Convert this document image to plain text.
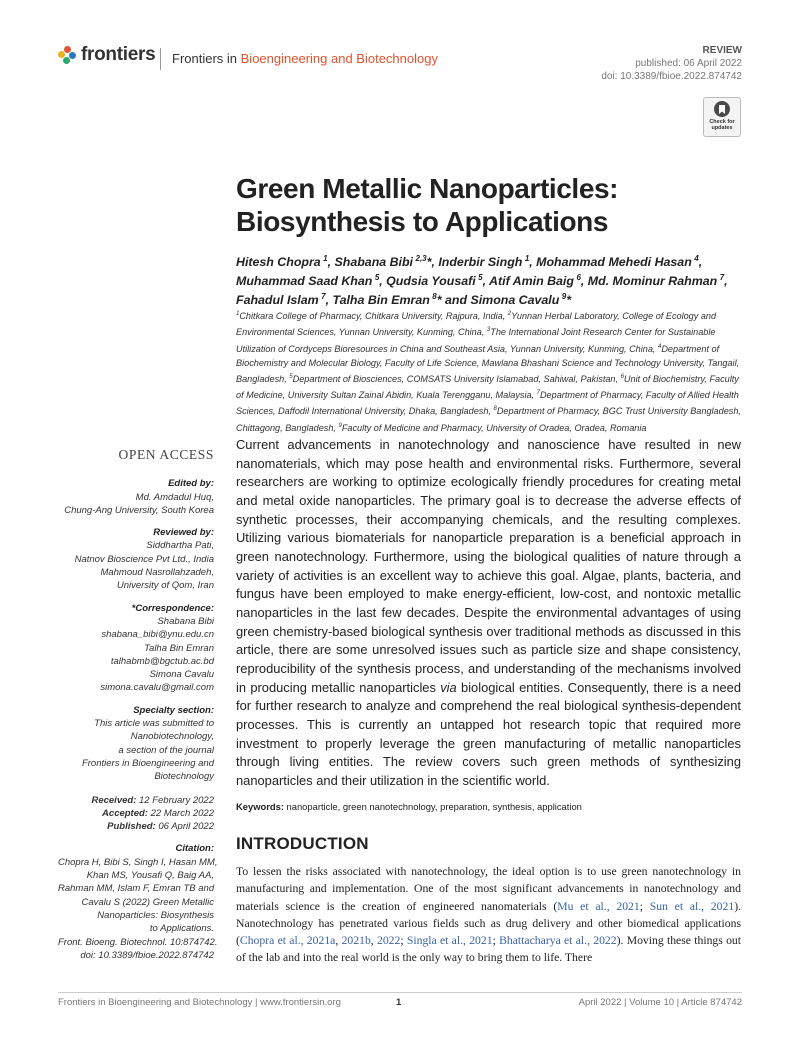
frontiers Frontiers in Bioengineering and Biotechnology
REVIEW
published: 06 April 2022
doi: 10.3389/fbioe.2022.874742
Check for
updates
Green Metallic Nanoparticles:
Biosynthesis to Applications
Hitesh Chopra  $^1$, Shabana Bibi  $^{2,3}$*, Inderbir Singh  $^1$, Mohammad Mehedi Hasan  $^4$, Muhammad Saad Khan  $^5$, Qudsia Yousafi  $^5$, Atif Amin Baig  $^6$, Md. Mominur Rahman  $^7$, Fahadul Islam  $^7$, Talha Bin Emran  $^8$* and Simona Cavalu  $^9$*
$^1$Chitkara College of Pharmacy, Chitkara University, Rajpura, India, $^2$Yunnan Herbal Laboratory, College of Ecology and Environmental Sciences, Yunnan University, Kunming, China, $^3$The International Joint Research Center for Sustainable Utilization of Cordyceps Bioresources in China and Southeast Asia, Yunnan University, Kunming, China, $^4$Department of Biochemistry and Molecular Biology, Faculty of Life Science, Mawlana Bhashani Science and Technology University, Tangail, Bangladesh, $^5$Department of Biosciences, COMSATS University Islamabad, Sahiwal, Pakistan, $^6$Unit of Biochemistry, Faculty of Medicine, University Sultan Zainal Abidin, Kuala Terengganu, Malaysia, $^7$Department of Pharmacy, Faculty of Allied Health Sciences, Daffodil International University, Dhaka, Bangladesh, $^8$Department of Pharmacy, BGC Trust University Bangladesh, Chittagong, Bangladesh, $^9$Faculty of Medicine and Pharmacy, University of Oradea, Oradea, Romania
OPEN ACCESS
Edited by:
Md. Amdadul Huq,
Chung-Ang University, South Korea
Reviewed by:
Siddhartha Pati,
Natnov Bioscience Pvt Ltd., India
Mahmoud Nasrollahzadeh,
University of Qom, Iran
*Correspondence:
Shabana Bibi
shabana_bibi@ynu.edu.cn
Talha Bin Emran
talhabmb@bgctub.ac.bd
Simona Cavalu
simona.cavalu@gmail.com
Specialty section:
This article was submitted to
Nanobiotechnology,
a section of the journal
Frontiers in Bioengineering and
Biotechnology
Received: 12 February 2022
Accepted: 22 March 2022
Published: 06 April 2022
Citation:
Chopra H, Bibi S, Singh I, Hasan MM,
Khan MS, Yousafi Q, Baig AA,
Rahman MM, Islam F, Emran TB and
Cavalu S (2022) Green Metallic
Nanoparticles: Biosynthesis
to Applications.
Front. Bioeng. Biotechnol. 10:874742.
doi: 10.3389/fbioe.2022.874742
Current advancements in nanotechnology and nanoscience have resulted in new nanomaterials, which may pose health and environmental risks. Furthermore, several researchers are working to optimize ecologically friendly procedures for creating metal and metal oxide nanoparticles. The primary goal is to decrease the adverse effects of synthetic processes, their accompanying chemicals, and the resulting complexes. Utilizing various biomaterials for nanoparticle preparation is a beneficial approach in green nanotechnology. Furthermore, using the biological qualities of nature through a variety of activities is an excellent way to achieve this goal. Algae, plants, bacteria, and fungus have been employed to make energy-efficient, low-cost, and nontoxic metallic nanoparticles in the last few decades. Despite the environmental advantages of using green chemistry-based biological synthesis over traditional methods as discussed in this article, there are some unresolved issues such as particle size and shape consistency, reproducibility of the synthesis process, and understanding of the mechanisms involved in producing metallic nanoparticles via biological entities. Consequently, there is a need for further research to analyze and comprehend the real biological synthesis-dependent processes. This is currently an untapped hot research topic that required more investment to properly leverage the green manufacturing of metallic nanoparticles through living entities. The review covers such green methods of synthesizing nanoparticles and their utilization in the scientific world.
Keywords: nanoparticle, green nanotechnology, preparation, synthesis, application
INTRODUCTION
To lessen the risks associated with nanotechnology, the ideal option is to use green nanotechnology in manufacturing and implementation. One of the most significant advancements in nanotechnology and materials science is the creation of engineered nanomaterials (Mu et al., 2021; Sun et al., 2021). Nanotechnology has penetrated various fields such as drug delivery and other biomedical applications (Chopra et al., 2021a, 2021b, 2022; Singla et al., 2021; Bhattacharya et al., 2022). Moving these things out of the lab and into the real world is the only way to bring them to life. There
Frontiers in Bioengineering and Biotechnology | www.frontiersin.org	1	April 2022 | Volume 10 | Article 874742
